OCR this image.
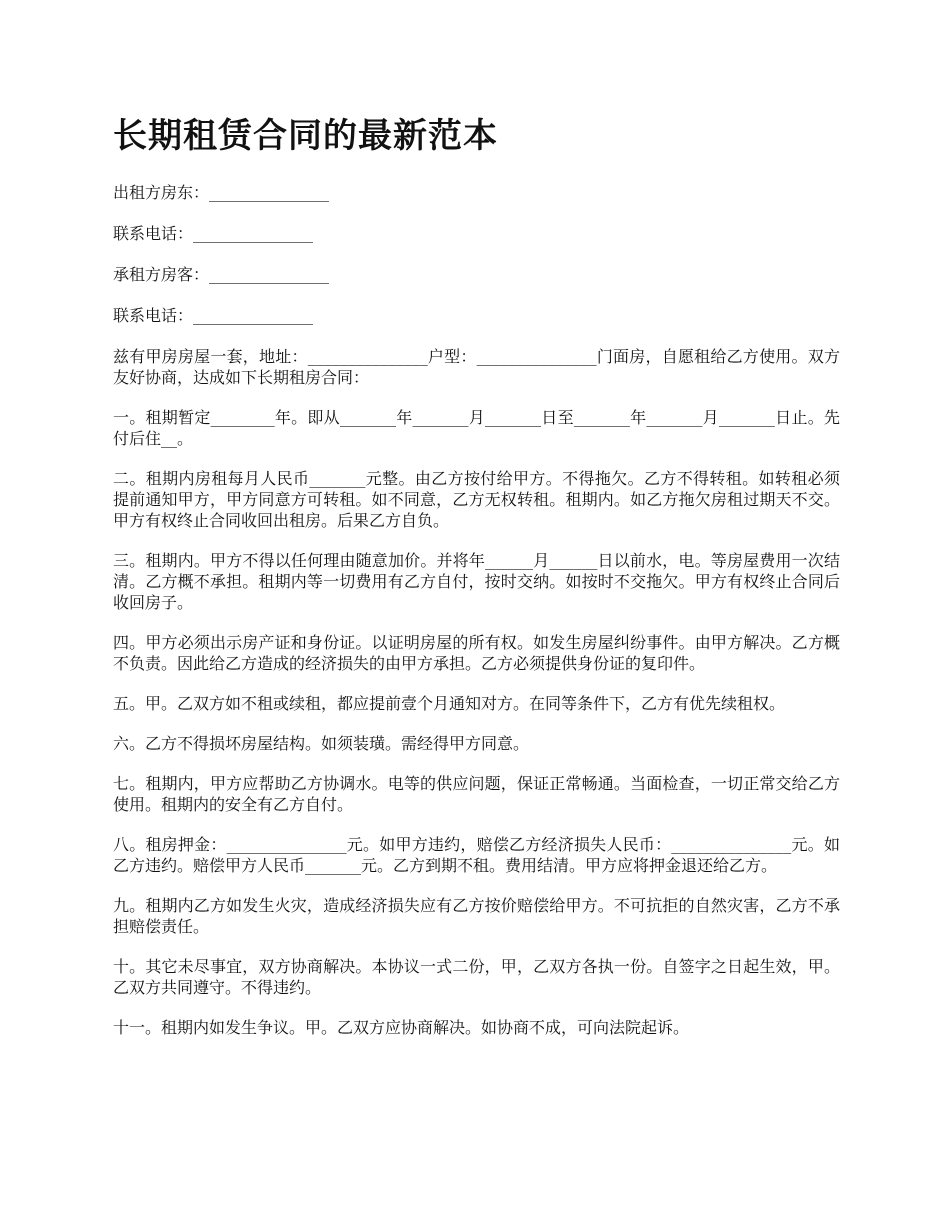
长期租赁合同的最新范本
出租方房东：_______________
联系电话：_______________
承租方房客：_______________
联系电话：_______________

兹有甲房房屋一套，地址：_______________户型：_______________门面房，自愿租给乙方使用。双方友好协商，达成如下长期租房合同：

一。租期暂定________年。即从_______年_______月_______日至_______年_______月_______日止。先付后住__。

二。租期内房租每月人民币_______元整。由乙方按付给甲方。不得拖欠。乙方不得转租。如转租必须提前通知甲方，甲方同意方可转租。如不同意，乙方无权转租。租期内。如乙方拖欠房租过期天不交。甲方有权终止合同收回出租房。后果乙方自负。

三。租期内。甲方不得以任何理由随意加价。并将年______月______日以前水，电。等房屋费用一次结清。乙方概不承担。租期内等一切费用有乙方自付，按时交纳。如按时不交拖欠。甲方有权终止合同后收回房子。

四。甲方必须出示房产证和身份证。以证明房屋的所有权。如发生房屋纠纷事件。由甲方解决。乙方概不负责。因此给乙方造成的经济损失的由甲方承担。乙方必须提供身份证的复印件。

五。甲。乙双方如不租或续租，都应提前壹个月通知对方。在同等条件下，乙方有优先续租权。

六。乙方不得损坏房屋结构。如须装璜。需经得甲方同意。

七。租期内，甲方应帮助乙方协调水。电等的供应问题，保证正常畅通。当面检查，一切正常交给乙方使用。租期内的安全有乙方自付。

八。租房押金：_______________元。如甲方违约，赔偿乙方经济损失人民币：_______________元。如乙方违约。赔偿甲方人民币_______元。乙方到期不租。费用结清。甲方应将押金退还给乙方。

九。租期内乙方如发生火灾，造成经济损失应有乙方按价赔偿给甲方。不可抗拒的自然灾害，乙方不承担赔偿责任。

十。其它未尽事宜，双方协商解决。本协议一式二份，甲，乙双方各执一份。自签字之日起生效，甲。乙双方共同遵守。不得违约。

十一。租期内如发生争议。甲。乙双方应协商解决。如协商不成，可向法院起诉。
